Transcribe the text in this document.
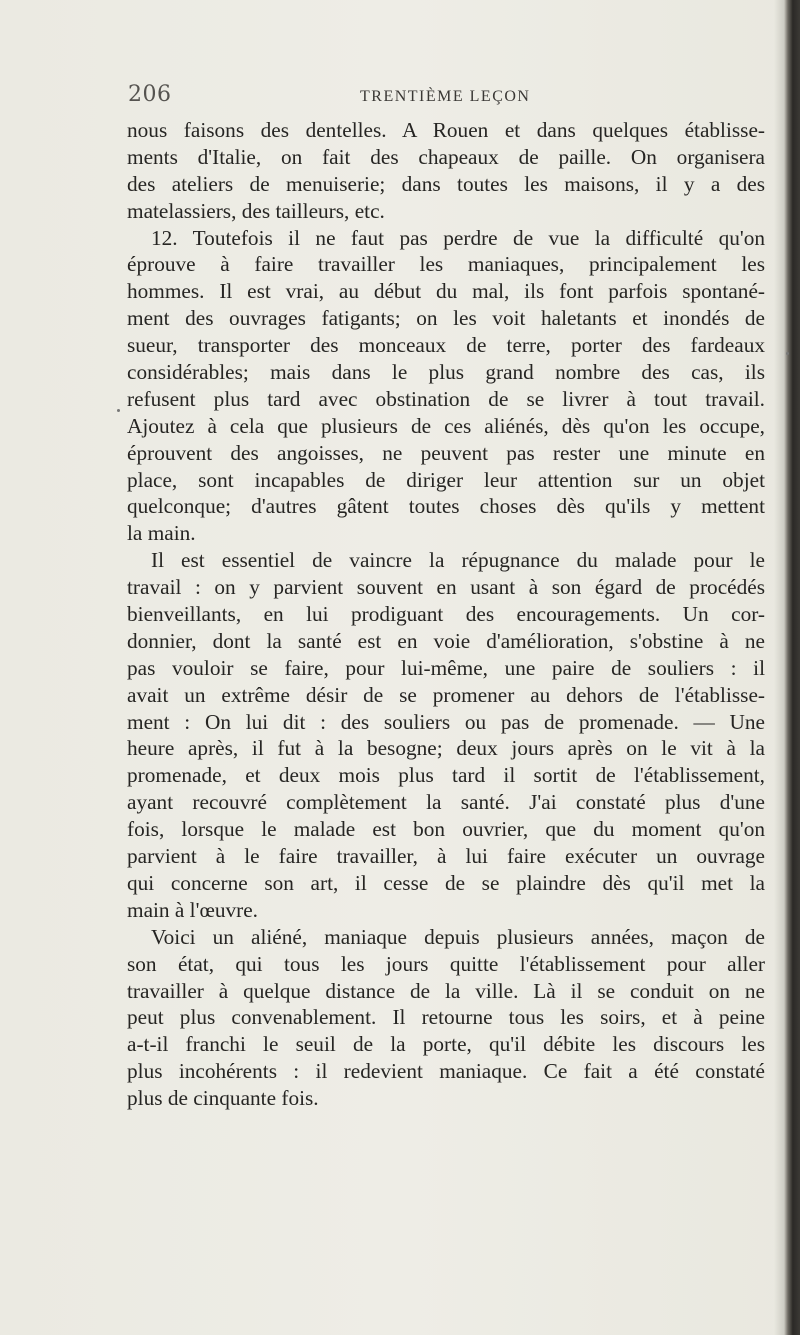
206	TRENTIÈME LEÇON
nous faisons des dentelles. A Rouen et dans quelques établisse-
ments d'Italie, on fait des chapeaux de paille. On organisera
des ateliers de menuiserie; dans toutes les maisons, il y a des
matelassiers, des tailleurs, etc.
12. Toutefois il ne faut pas perdre de vue la difficulté qu'on
éprouve à faire travailler les maniaques, principalement les
hommes. Il est vrai, au début du mal, ils font parfois spontané-
ment des ouvrages fatigants; on les voit haletants et inondés de
sueur, transporter des monceaux de terre, porter des fardeaux
considérables; mais dans le plus grand nombre des cas, ils
refusent plus tard avec obstination de se livrer à tout travail.
Ajoutez à cela que plusieurs de ces aliénés, dès qu'on les occupe,
éprouvent des angoisses, ne peuvent pas rester une minute en
place, sont incapables de diriger leur attention sur un objet
quelconque; d'autres gâtent toutes choses dès qu'ils y mettent
la main.
Il est essentiel de vaincre la répugnance du malade pour le
travail : on y parvient souvent en usant à son égard de procédés
bienveillants, en lui prodiguant des encouragements. Un cor-
donnier, dont la santé est en voie d'amélioration, s'obstine à ne
pas vouloir se faire, pour lui-même, une paire de souliers : il
avait un extrême désir de se promener au dehors de l'établisse-
ment : On lui dit : des souliers ou pas de promenade. — Une
heure après, il fut à la besogne; deux jours après on le vit à la
promenade, et deux mois plus tard il sortit de l'établissement,
ayant recouvré complètement la santé. J'ai constaté plus d'une
fois, lorsque le malade est bon ouvrier, que du moment qu'on
parvient à le faire travailler, à lui faire exécuter un ouvrage
qui concerne son art, il cesse de se plaindre dès qu'il met la
main à l'œuvre.
Voici un aliéné, maniaque depuis plusieurs années, maçon de
son état, qui tous les jours quitte l'établissement pour aller
travailler à quelque distance de la ville. Là il se conduit on ne
peut plus convenablement. Il retourne tous les soirs, et à peine
a-t-il franchi le seuil de la porte, qu'il débite les discours les
plus incohérents : il redevient maniaque. Ce fait a été constaté
plus de cinquante fois.
